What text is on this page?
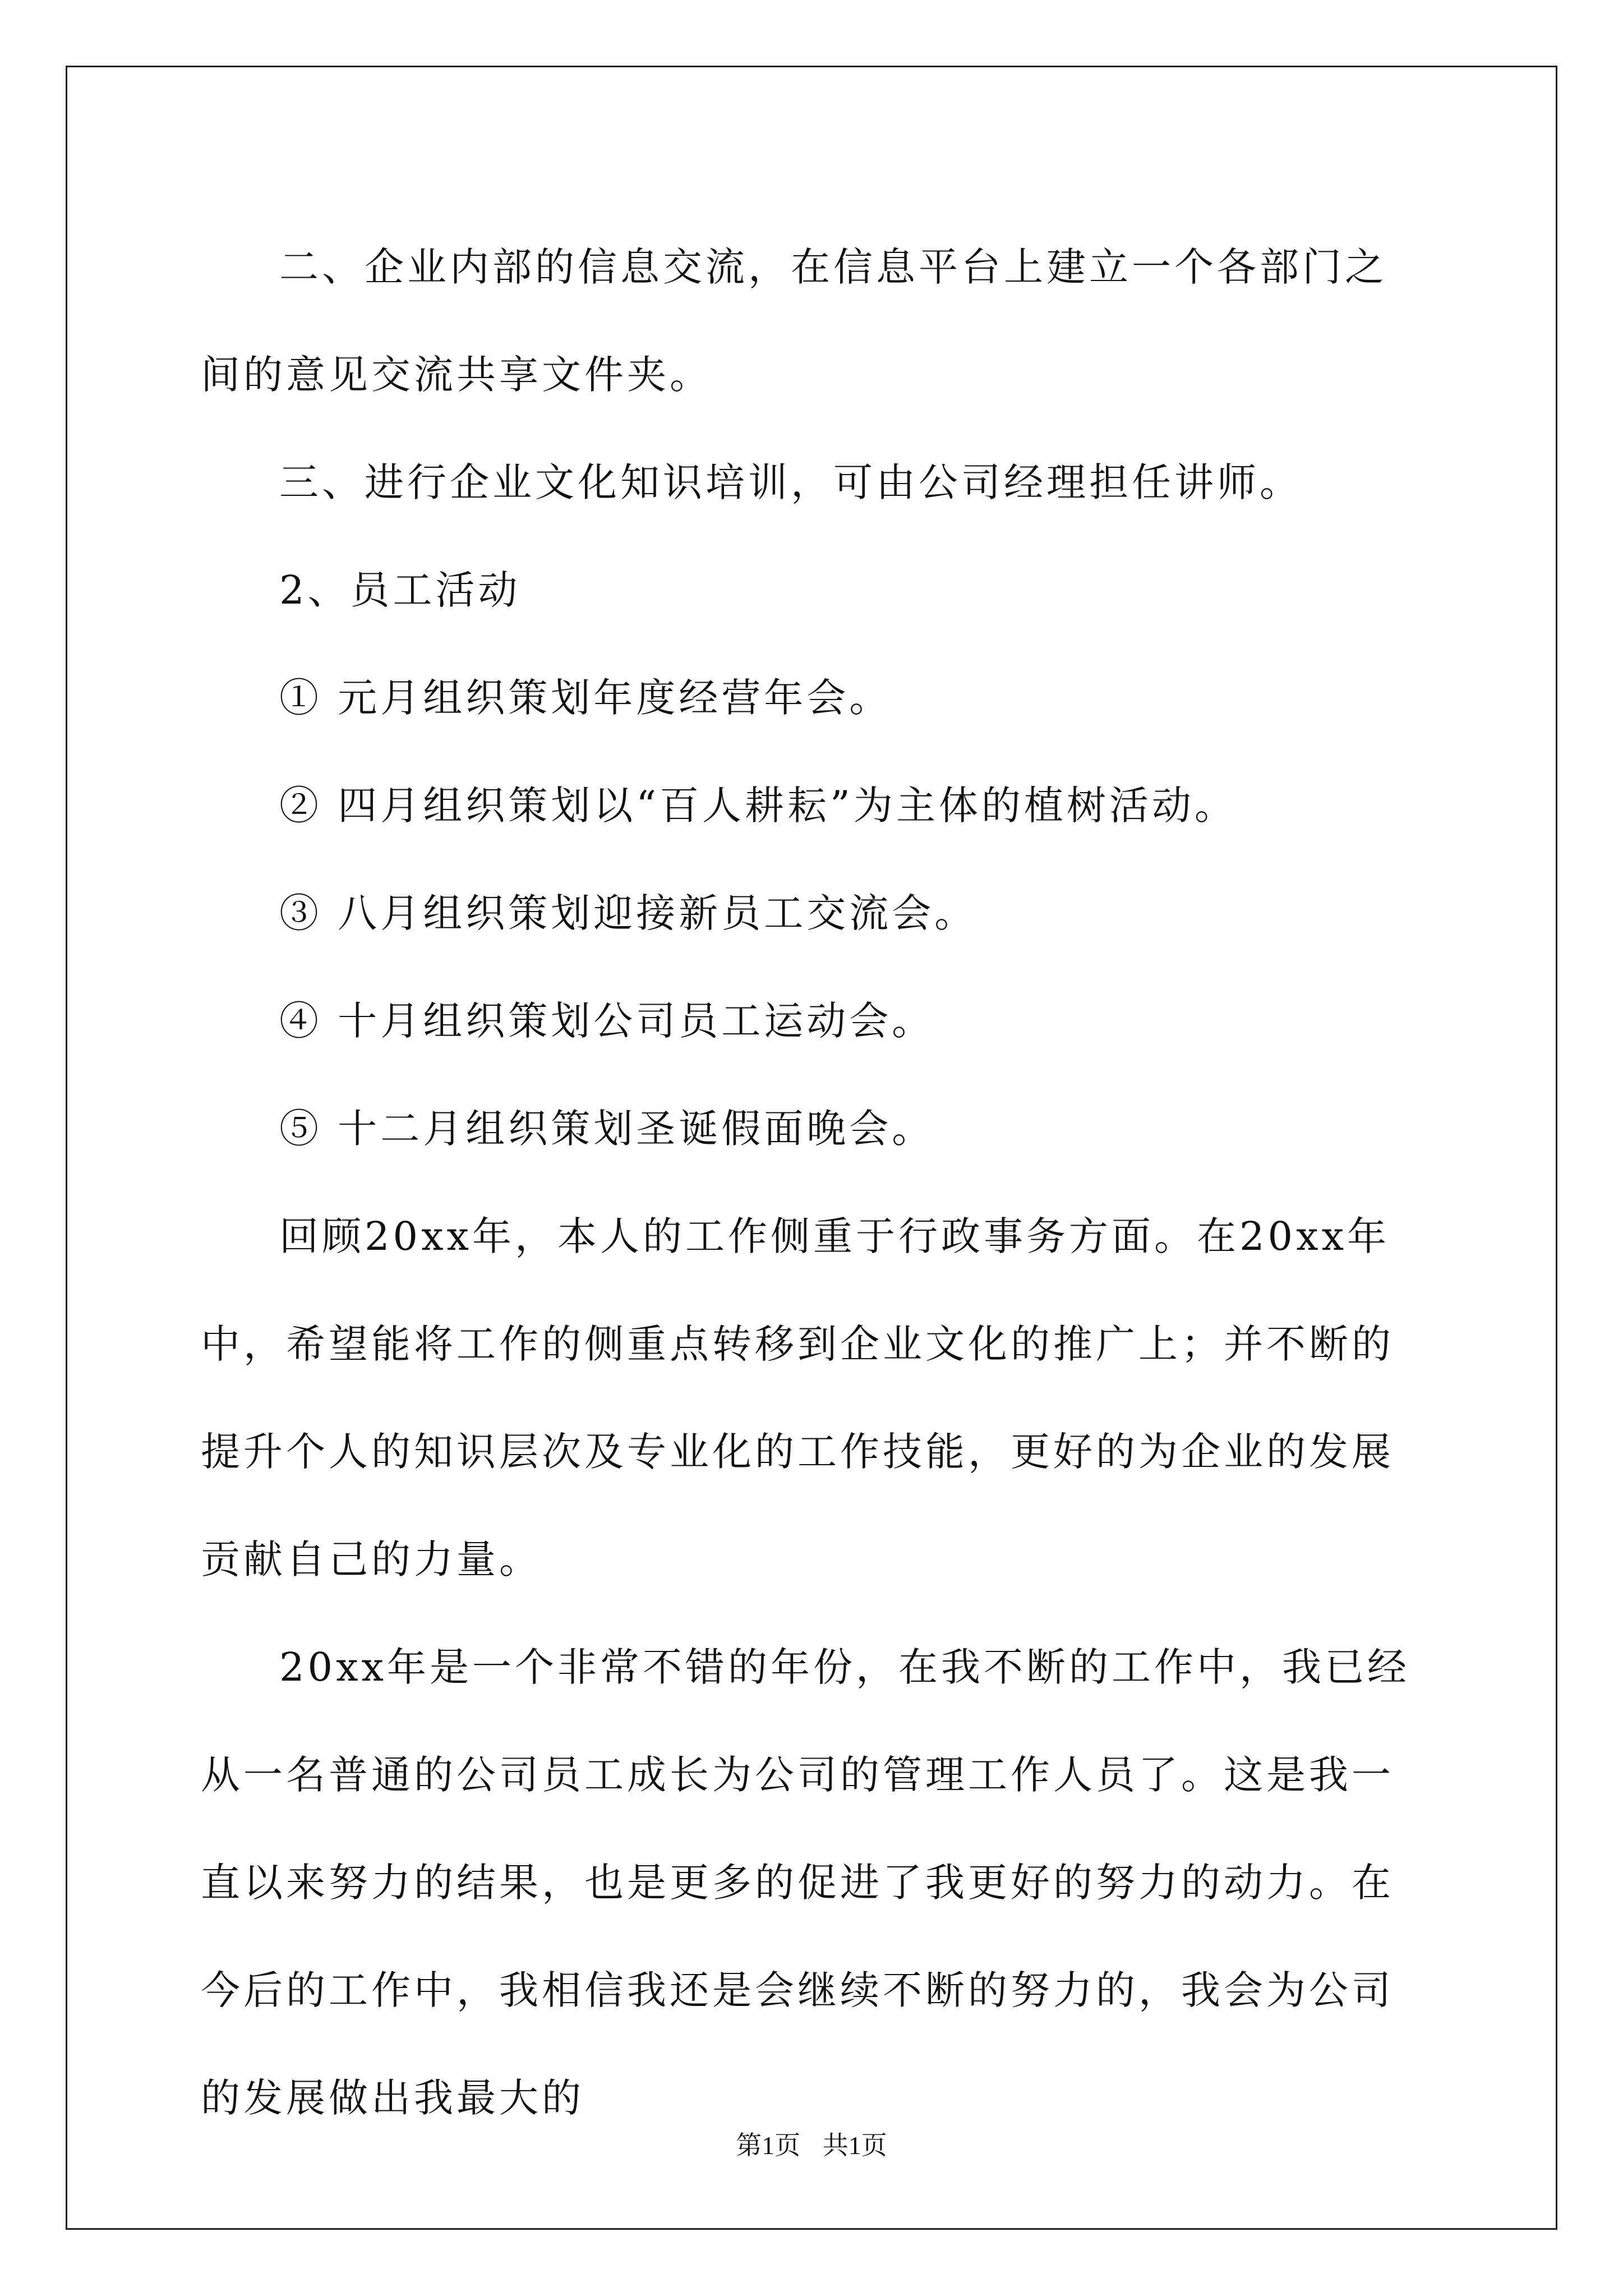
二、企业内部的信息交流，在信息平台上建立一个各部门之间的意见交流共享文件夹。

三、进行企业文化知识培训，可由公司经理担任讲师。

2、员工活动

① 元月组织策划年度经营年会。

② 四月组织策划以“百人耕耘”为主体的植树活动。

③ 八月组织策划迎接新员工交流会。

④ 十月组织策划公司员工运动会。

⑤ 十二月组织策划圣诞假面晚会。

回顾20xx年，本人的工作侧重于行政事务方面。在20xx年中，希望能将工作的侧重点转移到企业文化的推广上；并不断的提升个人的知识层次及专业化的工作技能，更好的为企业的发展贡献自己的力量。

20xx年是一个非常不错的年份，在我不断的工作中，我已经从一名普通的公司员工成长为公司的管理工作人员了。这是我一直以来努力的结果，也是更多的促进了我更好的努力的动力。在今后的工作中，我相信我还是会继续不断的努力的，我会为公司的发展做出我最大的

第1页 共1页
